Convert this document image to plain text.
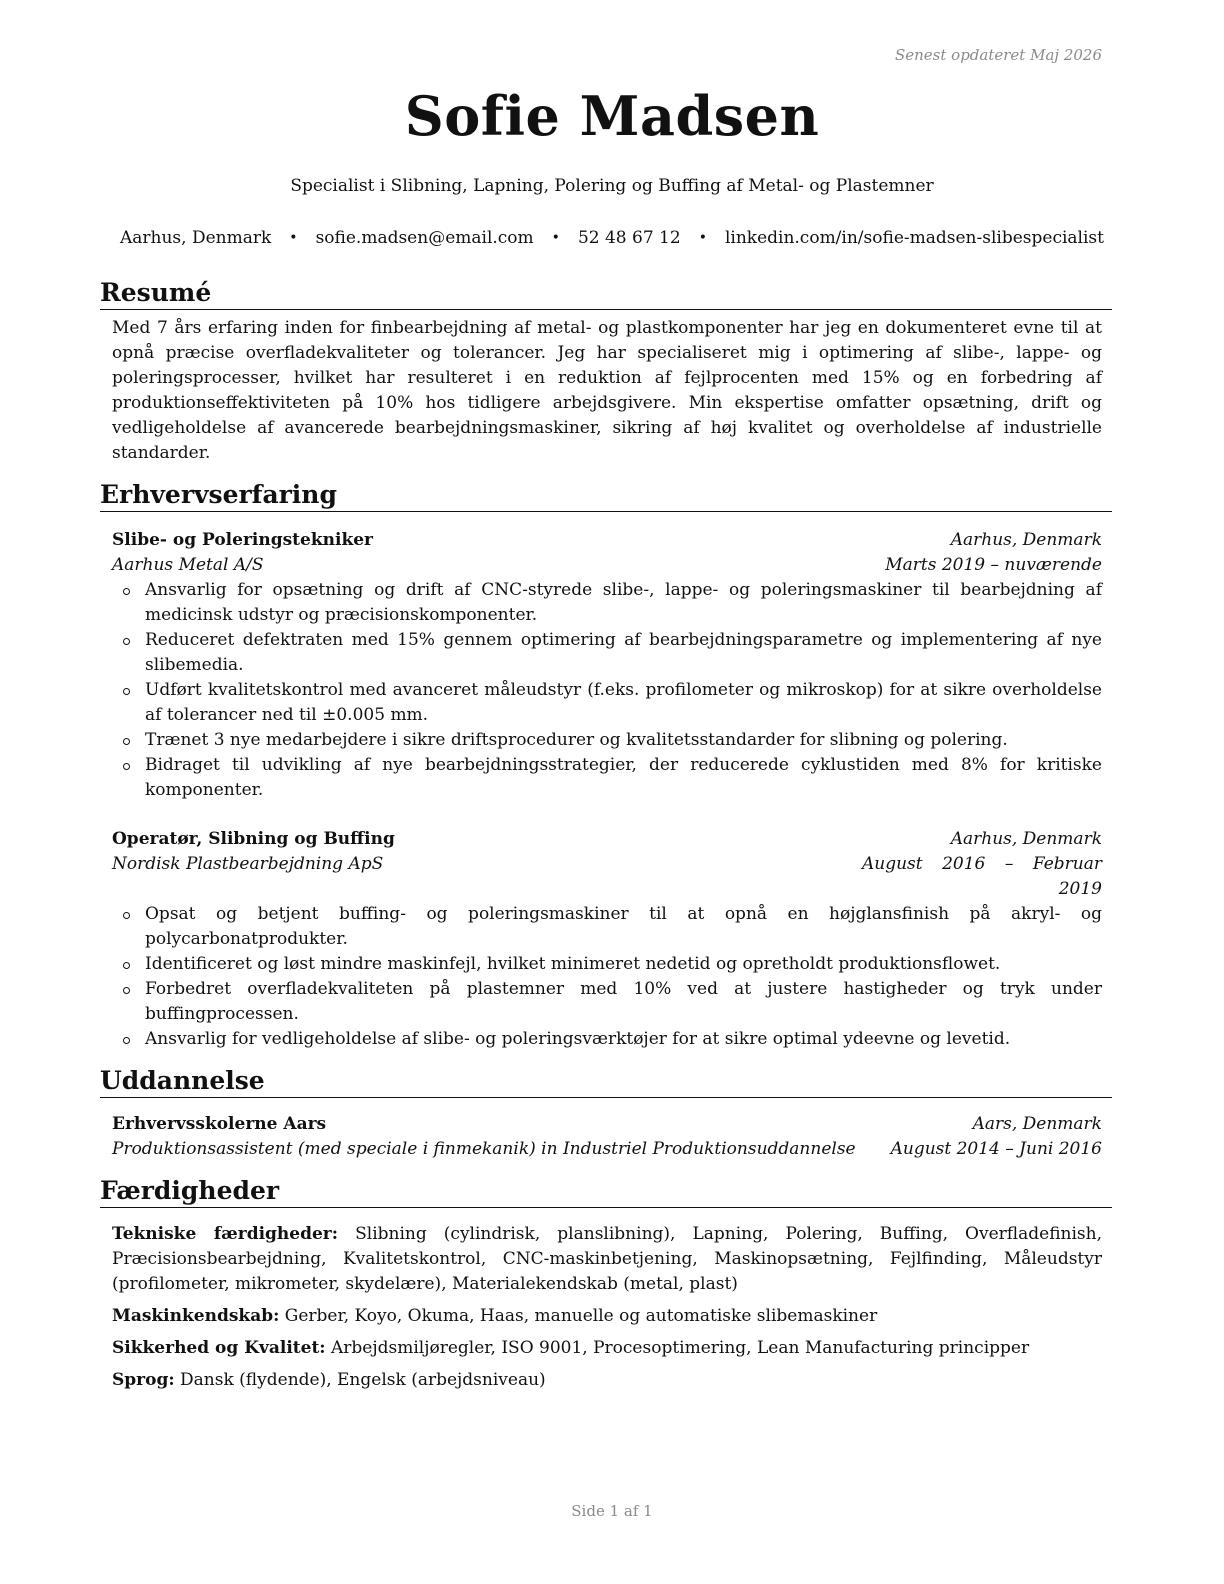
Senest opdateret Maj 2026
Sofie Madsen
Specialist i Slibning, Lapning, Polering og Buffing af Metal- og Plastemner
Aarhus, Denmark • sofie.madsen@email.com • 52 48 67 12 • linkedin.com/in/sofie-madsen-slibespecialist
Resumé

Med 7 års erfaring inden for finbearbejdning af metal- og plastkomponenter har jeg en dokumenteret evne til at opnå præcise overfladekvaliteter og tolerancer. Jeg har specialiseret mig i optimering af slibe-, lappe- og poleringsprocesser, hvilket har resulteret i en reduktion af fejlprocenten med 15% og en forbedring af produktionseffektiviteten på 10% hos tidligere arbejdsgivere. Min ekspertise omfatter opsætning, drift og vedligeholdelse af avancerede bearbejdningsmaskiner, sikring af høj kvalitet og overholdelse af industrielle standarder.

Erhvervserfaring
Slibe- og Poleringstekniker	Aarhus, Denmark
Aarhus Metal A/S	Marts 2019 – nuværende
Ansvarlig for opsætning og drift af CNC-styrede slibe-, lappe- og poleringsmaskiner til bearbejdning af medicinsk udstyr og præcisionskomponenter.
Reduceret defektraten med 15% gennem optimering af bearbejdningsparametre og implementering af nye slibemedia.
Udført kvalitetskontrol med avanceret måleudstyr (f.eks. profilometer og mikroskop) for at sikre overholdelse af tolerancer ned til ±0.005 mm.
Trænet 3 nye medarbejdere i sikre driftsprocedurer og kvalitetsstandarder for slibning og polering.
Bidraget til udvikling af nye bearbejdningsstrategier, der reducerede cyklustiden med 8% for kritiske komponenter.
Operatør, Slibning og Buffing	Aarhus, Denmark
Nordisk Plastbearbejdning ApS	August 2016 – Februar 2019
Opsat og betjent buffing- og poleringsmaskiner til at opnå en højglansfinish på akryl- og polycarbonatprodukter.
Identificeret og løst mindre maskinfejl, hvilket minimeret nedetid og opretholdt produktionsflowet.
Forbedret overfladekvaliteten på plastemner med 10% ved at justere hastigheder og tryk under buffingprocessen.
Ansvarlig for vedligeholdelse af slibe- og poleringsværktøjer for at sikre optimal ydeevne og levetid.
Uddannelse
Erhvervsskolerne Aars	Aars, Denmark
Produktionsassistent (med speciale i finmekanik) in Industriel Produktionsuddannelse August 2014 – Juni 2016
Færdigheder

Tekniske færdigheder: Slibning (cylindrisk, planslibning), Lapning, Polering, Buffing, Overfladefinish, Præcisionsbearbejdning, Kvalitetskontrol, CNC-maskinbetjening, Maskinopsætning, Fejlfinding, Måleudstyr (profilometer, mikrometer, skydelære), Materialekendskab (metal, plast)

Maskinkendskab: Gerber, Koyo, Okuma, Haas, manuelle og automatiske slibemaskiner

Sikkerhed og Kvalitet: Arbejdsmiljøregler, ISO 9001, Procesoptimering, Lean Manufacturing principper

Sprog: Dansk (flydende), Engelsk (arbejdsniveau)

Side 1 af 1
